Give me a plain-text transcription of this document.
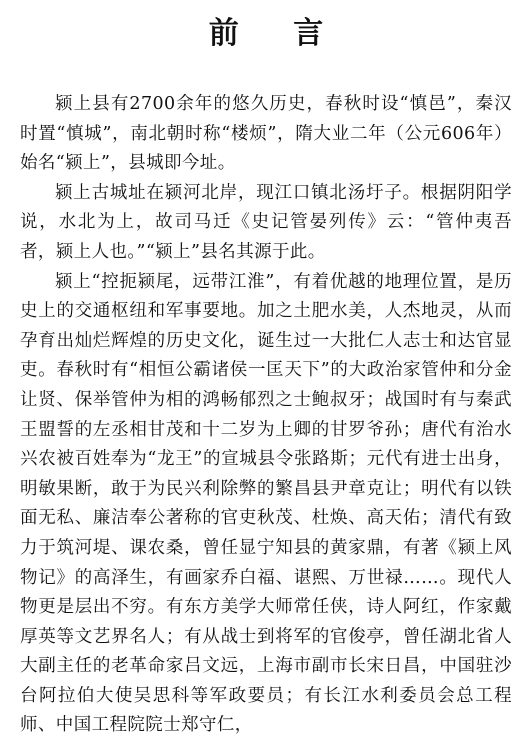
前 言

颍上县有2700余年的悠久历史，春秋时设“慎邑”，秦汉时置“慎城”，南北朝时称“楼烦”，隋大业二年（公元606年）始名“颍上”，县城即今址。

颍上古城址在颍河北岸，现江口镇北汤圩子。根据阴阳学说，水北为上，故司马迁《史记管晏列传》云：“管仲夷吾者，颍上人也。”“颍上”县名其源于此。

颍上“控扼颍尾，远带江淮”，有着优越的地理位置，是历史上的交通枢纽和军事要地。加之土肥水美，人杰地灵，从而孕育出灿烂辉煌的历史文化，诞生过一大批仁人志士和达官显吏。春秋时有“相恒公霸诸侯一匡天下”的大政治家管仲和分金让贤、保举管仲为相的鸿畅郁烈之士鲍叔牙；战国时有与秦武王盟誓的左丞相甘茂和十二岁为上卿的甘罗爷孙；唐代有治水兴农被百姓奉为“龙王”的宣城县令张路斯；元代有进士出身，明敏果断，敢于为民兴利除弊的繁昌县尹章克让；明代有以铁面无私、廉洁奉公著称的官吏秋茂、杜焕、高天佑；清代有致力于筑河堤、课农桑，曾任显宁知县的黄家鼎，有著《颍上风物记》的高泽生，有画家乔白福、谌熙、万世禄……。现代人物更是层出不穷。有东方美学大师常任侠，诗人阿红，作家戴厚英等文艺界名人；有从战士到将军的官俊亭，曾任湖北省人大副主任的老革命家吕文远，上海市副市长宋日昌，中国驻沙台阿拉伯大使吴思科等军政要员；有长江水利委员会总工程师、中国工程院院士郑守仁，
